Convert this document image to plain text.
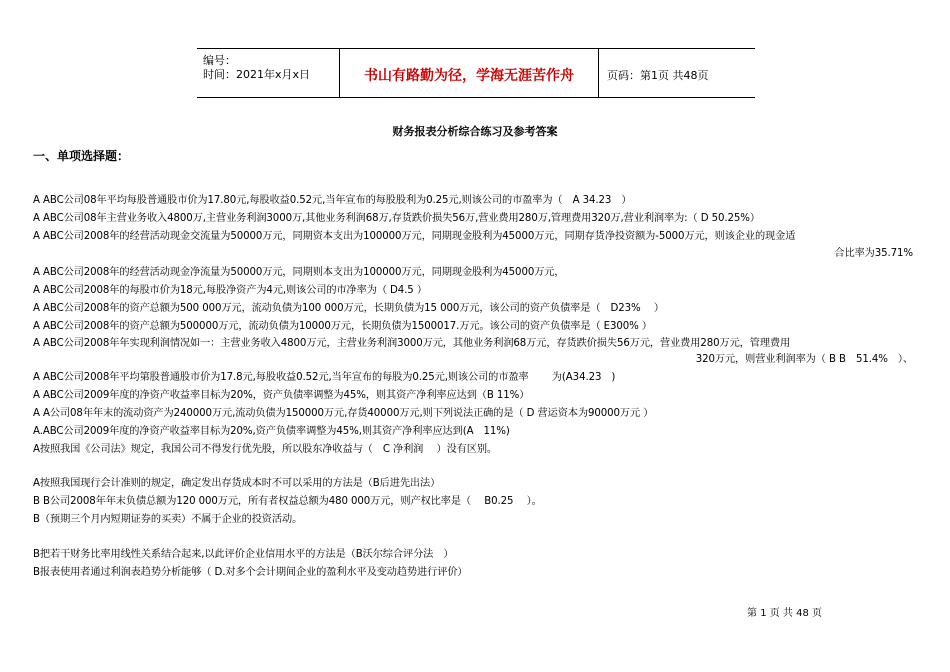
编号：
时间：2021年x月x日	书山有路勤为径，学海无涯苦作舟	页码：第1页 共48页
财务报表分析综合练习及参考答案
一、单项选择题：
A ABC公司08年平均每股普通股市价为17.80元,每股收益0.52元,当年宣布的每股股利为0.25元,则该公司的市盈率为（　A 34.23　）
A ABC公司08年主营业务收入4800万,主营业务利润3000万,其他业务利润68万,存货跌价损失56万,营业费用280万,管理费用320万,营业利润率为:（ D 50.25%）
A ABC公司2008年的经营活动现金交流量为50000万元，同期资本支出为100000万元，同期现金股利为45000万元，同期存货净投资额为-5000万元，则该企业的现金适
合比率为35.71%
A ABC公司2008年的经营活动现金净流量为50000万元，同期则本支出为100000万元，同期现金股利为45000万元，
A ABC公司2008年的每股市价为18元,每股净资产为4元,则该公司的市净率为（ D4.5 ）
A ABC公司2008年的资产总额为500 000万元，流动负债为100 000万元，长期负债为15 000万元，该公司的资产负债率是（　D23%　 ）
A ABC公司2008年的资产总额为500000万元，流动负债为10000万元，长期负债为1500017.万元。该公司的资产负债率是（ E300% ）
A ABC公司2008年年实现利润情况如一：主营业务收入4800万元，主营业务利润3000万元，其他业务利润68万元，存货跌价损失56万元，营业费用280万元，管理费用
320万元，则营业利润率为（ B B　51.4%　）、
A ABC公司2008年平均第股普通股市价为17.8元,每股收益0.52元,当年宣布的每股为0.25元,则该公司的市盈率　　 为(A34.23　)
A ABC公司2009年度的净资产收益率目标为20%，资产负债率调整为45%，则其资产净利率应达到（B 11%）
A A公司08年年末的流动资产为240000万元,流动负债为150000万元,存货40000万元,则下列说法正确的是（ D 营运资本为90000万元 ）
A.ABC公司2009年度的净资产收益率目标为20%,资产负债率调整为45%,则其资产净利率应达到(A　11%)
A按照我国《公司法》规定，我国公司不得发行优先股，所以股东净收益与（　C 净利润　 ）没有区别。
A按照我国现行会计准则的规定，确定发出存货成本时不可以采用的方法是（B后进先出法）
B B公司2008年年末负债总额为120 000万元，所有者权益总额为480 000万元，则产权比率是（　 B0.25　 ）。
B（预期三个月内短期证券的买卖）不属于企业的投资活动。
B把若干财务比率用线性关系结合起来,以此评价企业信用水平的方法是（B沃尔综合评分法　）
B报表使用者通过利润表趋势分析能够（ D.对多个会计期间企业的盈利水平及变动趋势进行评价）
第 1 页 共 48 页
